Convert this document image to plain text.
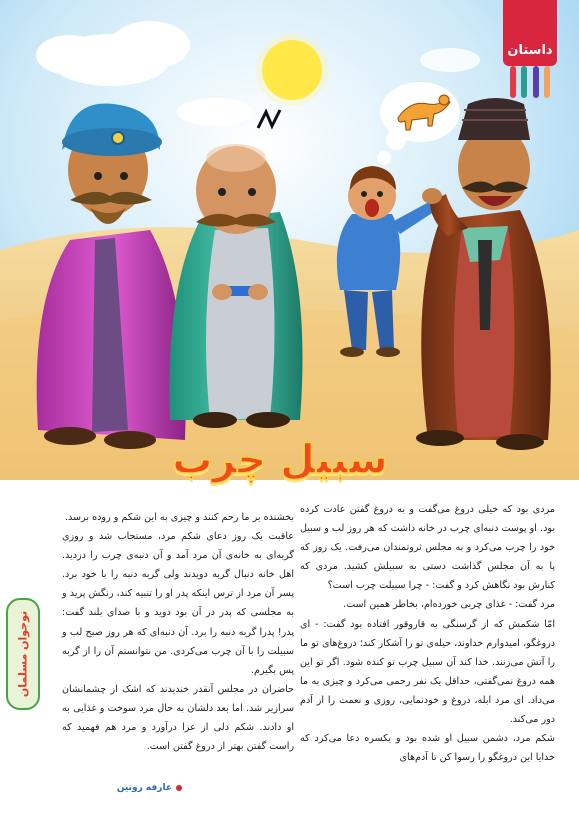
داستان
سبیل چرب

مردی بود که خیلی دروغ می‌گفت و به دروغ گفتن عادت کرده بود. او پوست دنبه‌ای چرب در خانه داشت که هر روز لب و سبیل خود را چرب می‌کرد و به مجلس ثروتمندان می‌رفت. یک روز که پا به آن مجلس گذاشت دستی به سبیلش کشید. مردی که کنارش بود نگاهش کرد و گفت: - چرا سبیلت چرب است؟

مرد گفت: - غذای چربی خورده‌ام، بخاطر همین است.

امّا شکمش که از گرسنگی به قاروقور افتاده بود گفت: - ای دروغگو، امیدوارم خداوند، حیله‌ی تو را آشکار کند؛ دروغ‌های تو ما را آتش می‌زنند. خدا کند آن سبیل چرب تو کنده شود. اگر تو این همه دروغ نمی‌گفتی، حداقل یک نفر رحمی می‌کرد و چیزی به ما می‌داد. ای مرد ابله، دروغ و خودنمایی، روزی و نعمت را از آدم دور می‌کند.

شکم مرد، دشمن سبیل او شده بود و یکسره دعا می‌کرد که خدایا این دروغگو را رسوا کن تا آدم‌های

بخشنده بر ما رحم کنند و چیزی به این شکم و روده برسد.

عاقبت یک روز دعای شکم مرد، مستجاب شد و روزی گربه‌ای به خانه‌ی آن مرد آمد و آن دنبه‌ی چرب را دزدید. اهل خانه دنبال گربه دویدند ولی گربه دنبه را با خود برد. پسر آن مرد از ترس اینکه پدر او را تنبیه کند، رنگش پرید و به مجلسی که پدر در آن بود دوید و با صدای بلند گفت: پدر! پدرا گربه دنبه را برد. آن دنبه‌ای که هر روز صبح لب و سبیلت را با آن چرب می‌کردی. من نتوانستم آن را از گربه پس بگیرم.

حاضران در مجلس آنقدر خندیدند که اشک از چشمانشان سرازیر شد. اما بعد دلشان به حال مرد سوخت و غذایی به او دادند. شکم دلی از عزا درآورد و مرد هم فهمید که راست گفتن بهتر از دروغ گفتن است.

عارفه روتین
نوجوان مسلمان
